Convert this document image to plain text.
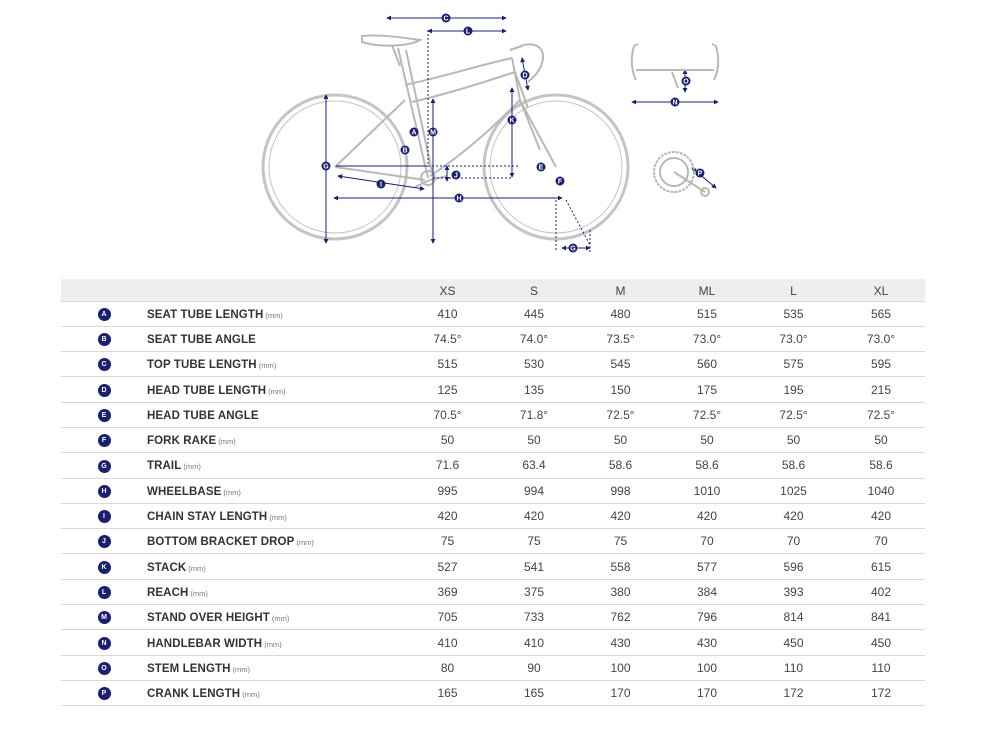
C
L
D
A M
K
B
G
J
E
F
I
H
G
O
N
P
		XS	S	M	ML	L	XL
A	SEAT TUBE LENGTH (mm)	410	445	480	515	535	565
B	SEAT TUBE ANGLE	74.5°	74.0°	73.5°	73.0°	73.0°	73.0°
C	TOP TUBE LENGTH (mm)	515	530	545	560	575	595
D	HEAD TUBE LENGTH (mm)	125	135	150	175	195	215
E	HEAD TUBE ANGLE	70.5°	71.8°	72.5°	72.5°	72.5°	72.5°
F	FORK RAKE (mm)	50	50	50	50	50	50
G	TRAIL (mm)	71.6	63.4	58.6	58.6	58.6	58.6
H	WHEELBASE (mm)	995	994	998	1010	1025	1040
I	CHAIN STAY LENGTH (mm)	420	420	420	420	420	420
J	BOTTOM BRACKET DROP (mm)	75	75	75	70	70	70
K	STACK (mm)	527	541	558	577	596	615
L	REACH (mm)	369	375	380	384	393	402
M	STAND OVER HEIGHT (mm)	705	733	762	796	814	841
N	HANDLEBAR WIDTH (mm)	410	410	430	430	450	450
O	STEM LENGTH (mm)	80	90	100	100	110	110
P	CRANK LENGTH (mm)	165	165	170	170	172	172
